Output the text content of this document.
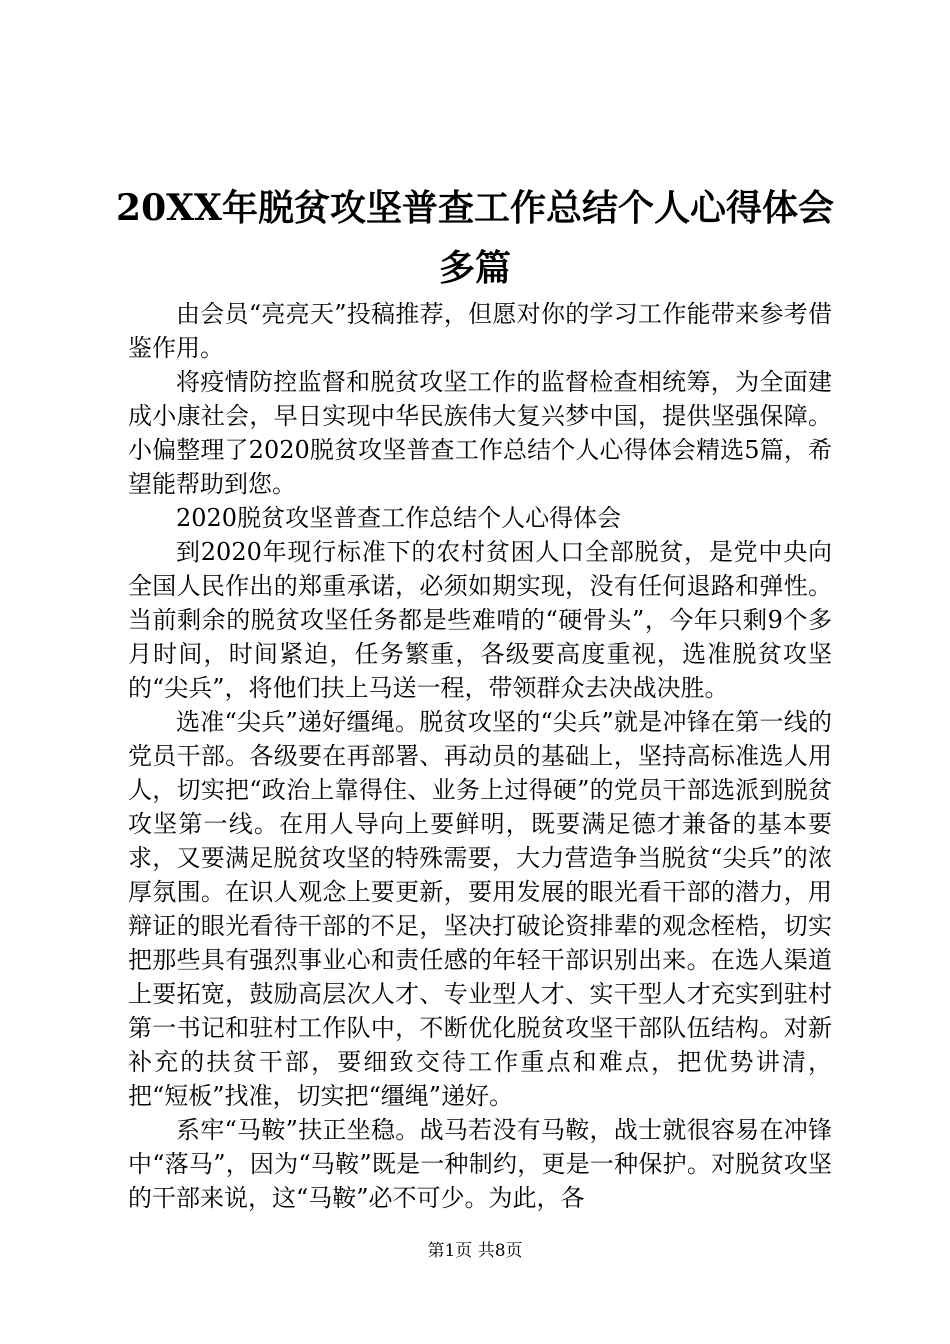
20XX年脱贫攻坚普查工作总结个人心得体会
多篇

由会员“亮亮天”投稿推荐，但愿对你的学习工作能带来参考借鉴作用。

将疫情防控监督和脱贫攻坚工作的监督检查相统筹，为全面建成小康社会，早日实现中华民族伟大复兴梦中国，提供坚强保障。小偏整理了2020脱贫攻坚普查工作总结个人心得体会精选5篇，希望能帮助到您。

2020脱贫攻坚普查工作总结个人心得体会

到2020年现行标准下的农村贫困人口全部脱贫，是党中央向全国人民作出的郑重承诺，必须如期实现，没有任何退路和弹性。当前剩余的脱贫攻坚任务都是些难啃的“硬骨头”，今年只剩9个多月时间，时间紧迫，任务繁重，各级要高度重视，选准脱贫攻坚的“尖兵”，将他们扶上马送一程，带领群众去决战决胜。

选准“尖兵”递好缰绳。脱贫攻坚的“尖兵”就是冲锋在第一线的党员干部。各级要在再部署、再动员的基础上，坚持高标准选人用人，切实把“政治上靠得住、业务上过得硬”的党员干部选派到脱贫攻坚第一线。在用人导向上要鲜明，既要满足德才兼备的基本要求，又要满足脱贫攻坚的特殊需要，大力营造争当脱贫“尖兵”的浓厚氛围。在识人观念上要更新，要用发展的眼光看干部的潜力，用辩证的眼光看待干部的不足，坚决打破论资排辈的观念桎梏，切实把那些具有强烈事业心和责任感的年轻干部识别出来。在选人渠道上要拓宽，鼓励高层次人才、专业型人才、实干型人才充实到驻村第一书记和驻村工作队中，不断优化脱贫攻坚干部队伍结构。对新补充的扶贫干部，要细致交待工作重点和难点，把优势讲清，把“短板”找准，切实把“缰绳”递好。

系牢“马鞍”扶正坐稳。战马若没有马鞍，战士就很容易在冲锋中“落马”，因为“马鞍”既是一种制约，更是一种保护。对脱贫攻坚的干部来说，这“马鞍”必不可少。为此，各

第1页 共8页
